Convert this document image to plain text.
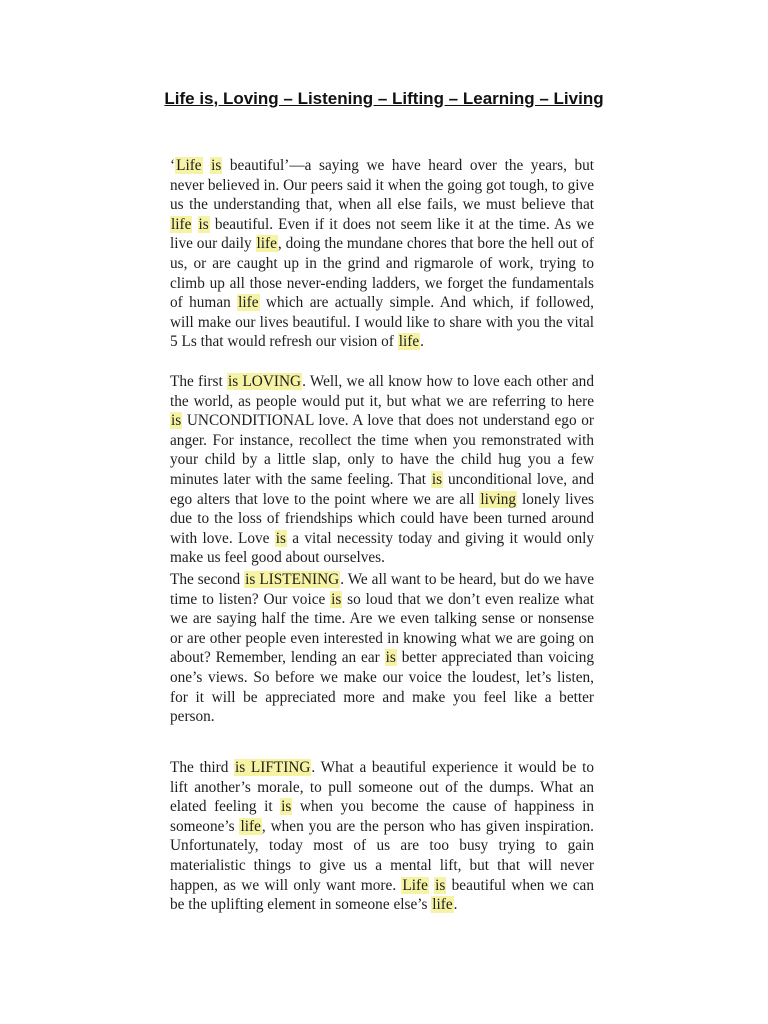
Life is, Loving – Listening – Lifting – Learning – Living

‘Life is beautiful’—a saying we have heard over the years, but never believed in. Our peers said it when the going got tough, to give us the understanding that, when all else fails, we must believe that life is beautiful. Even if it does not seem like it at the time. As we live our daily life, doing the mundane chores that bore the hell out of us, or are caught up in the grind and rigmarole of work, trying to climb up all those never-ending ladders, we forget the fundamentals of human life which are actually simple. And which, if followed, will make our lives beautiful. I would like to share with you the vital 5 Ls that would refresh our vision of life.

The first is LOVING. Well, we all know how to love each other and the world, as people would put it, but what we are referring to here is UNCONDITIONAL love. A love that does not understand ego or anger. For instance, recollect the time when you remonstrated with your child by a little slap, only to have the child hug you a few minutes later with the same feeling. That is unconditional love, and ego alters that love to the point where we are all living lonely lives due to the loss of friendships which could have been turned around with love. Love is a vital necessity today and giving it would only make us feel good about ourselves.

The second is LISTENING. We all want to be heard, but do we have time to listen? Our voice is so loud that we don’t even realize what we are saying half the time. Are we even talking sense or nonsense or are other people even interested in knowing what we are going on about? Remember, lending an ear is better appreciated than voicing one’s views. So before we make our voice the loudest, let’s listen, for it will be appreciated more and make you feel like a better person.

The third is LIFTING. What a beautiful experience it would be to lift another’s morale, to pull someone out of the dumps. What an elated feeling it is when you become the cause of happiness in someone’s life, when you are the person who has given inspiration. Unfortunately, today most of us are too busy trying to gain materialistic things to give us a mental lift, but that will never happen, as we will only want more. Life is beautiful when we can be the uplifting element in someone else’s life.
